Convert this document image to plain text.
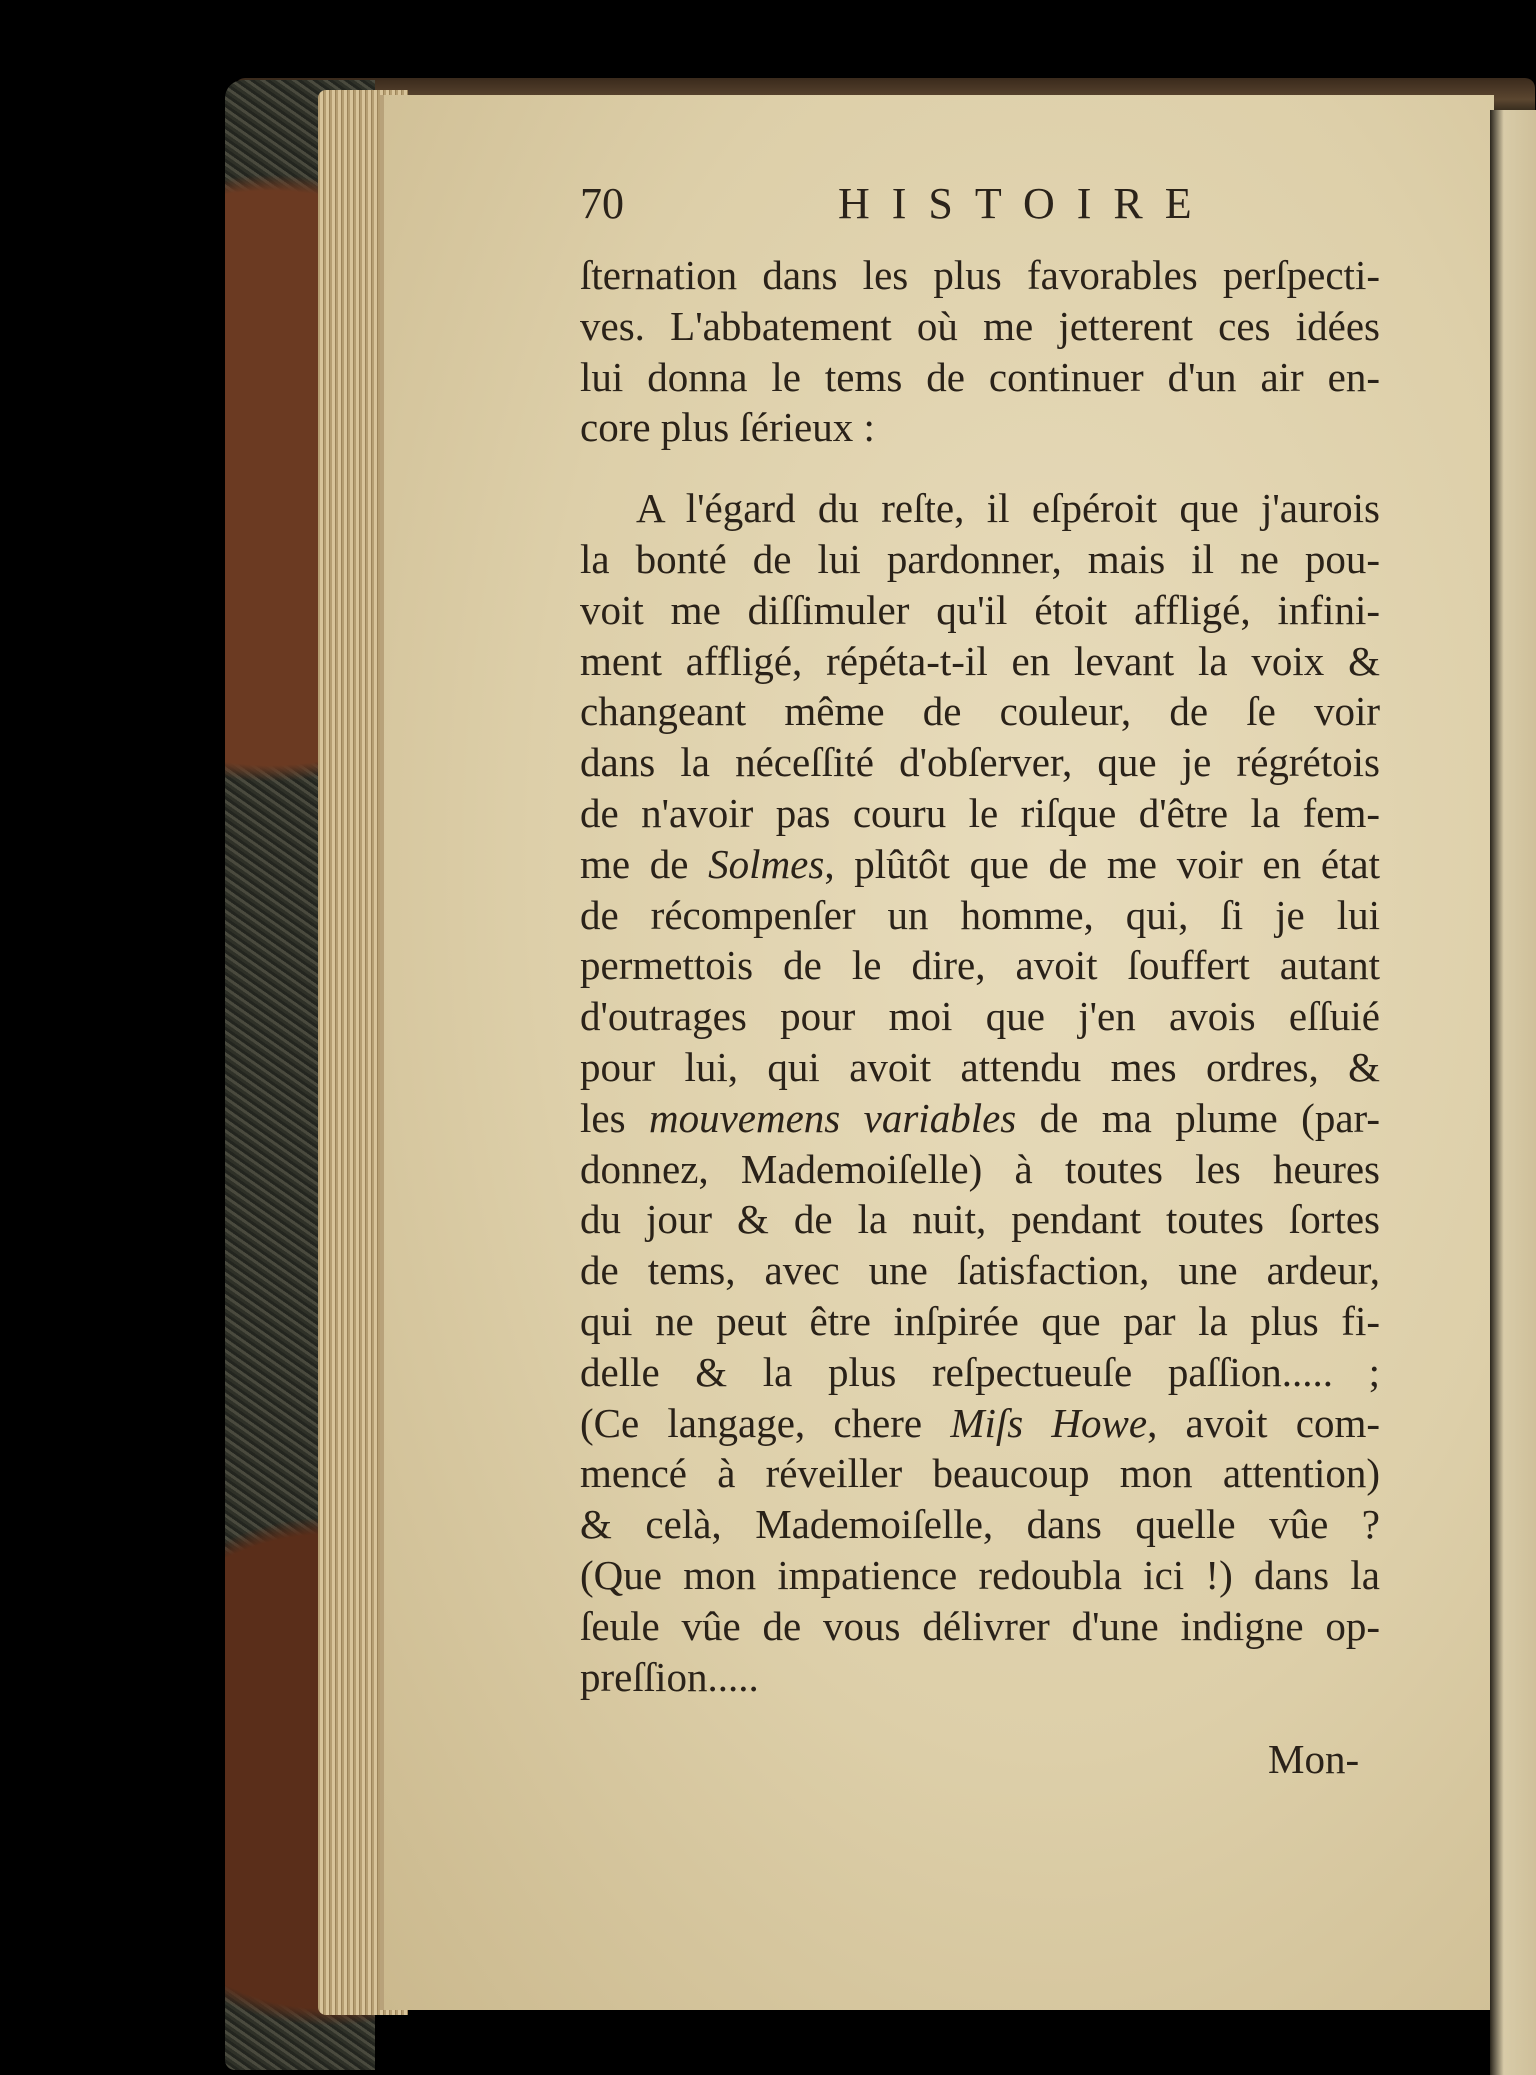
70	HISTOIRE
ſternation dans les plus favorables perſpecti-
ves. L'abbatement où me jetterent ces idées
lui donna le tems de continuer d'un air en-
core plus ſérieux :
A l'égard du reſte, il eſpéroit que j'aurois
la bonté de lui pardonner, mais il ne pou-
voit me diſſimuler qu'il étoit affligé, infini-
ment affligé, répéta-t-il en levant la voix &
changeant même de couleur, de ſe voir
dans la néceſſité d'obſerver, que je régrétois
de n'avoir pas couru le riſque d'être la fem-
me de Solmes, plûtôt que de me voir en état
de récompenſer un homme, qui, ſi je lui
permettois de le dire, avoit ſouffert autant
d'outrages pour moi que j'en avois eſſuié
pour lui, qui avoit attendu mes ordres, &
les mouvemens variables de ma plume (par-
donnez, Mademoiſelle) à toutes les heures
du jour & de la nuit, pendant toutes ſortes
de tems, avec une ſatisfaction, une ardeur,
qui ne peut être inſpirée que par la plus fi-
delle & la plus reſpectueuſe paſſion..... ;
(Ce langage, chere Miſs Howe, avoit com-
mencé à réveiller beaucoup mon attention)
& celà, Mademoiſelle, dans quelle vûe ?
(Que mon impatience redoubla ici !) dans la
ſeule vûe de vous délivrer d'une indigne op-
preſſion.....
Mon-
